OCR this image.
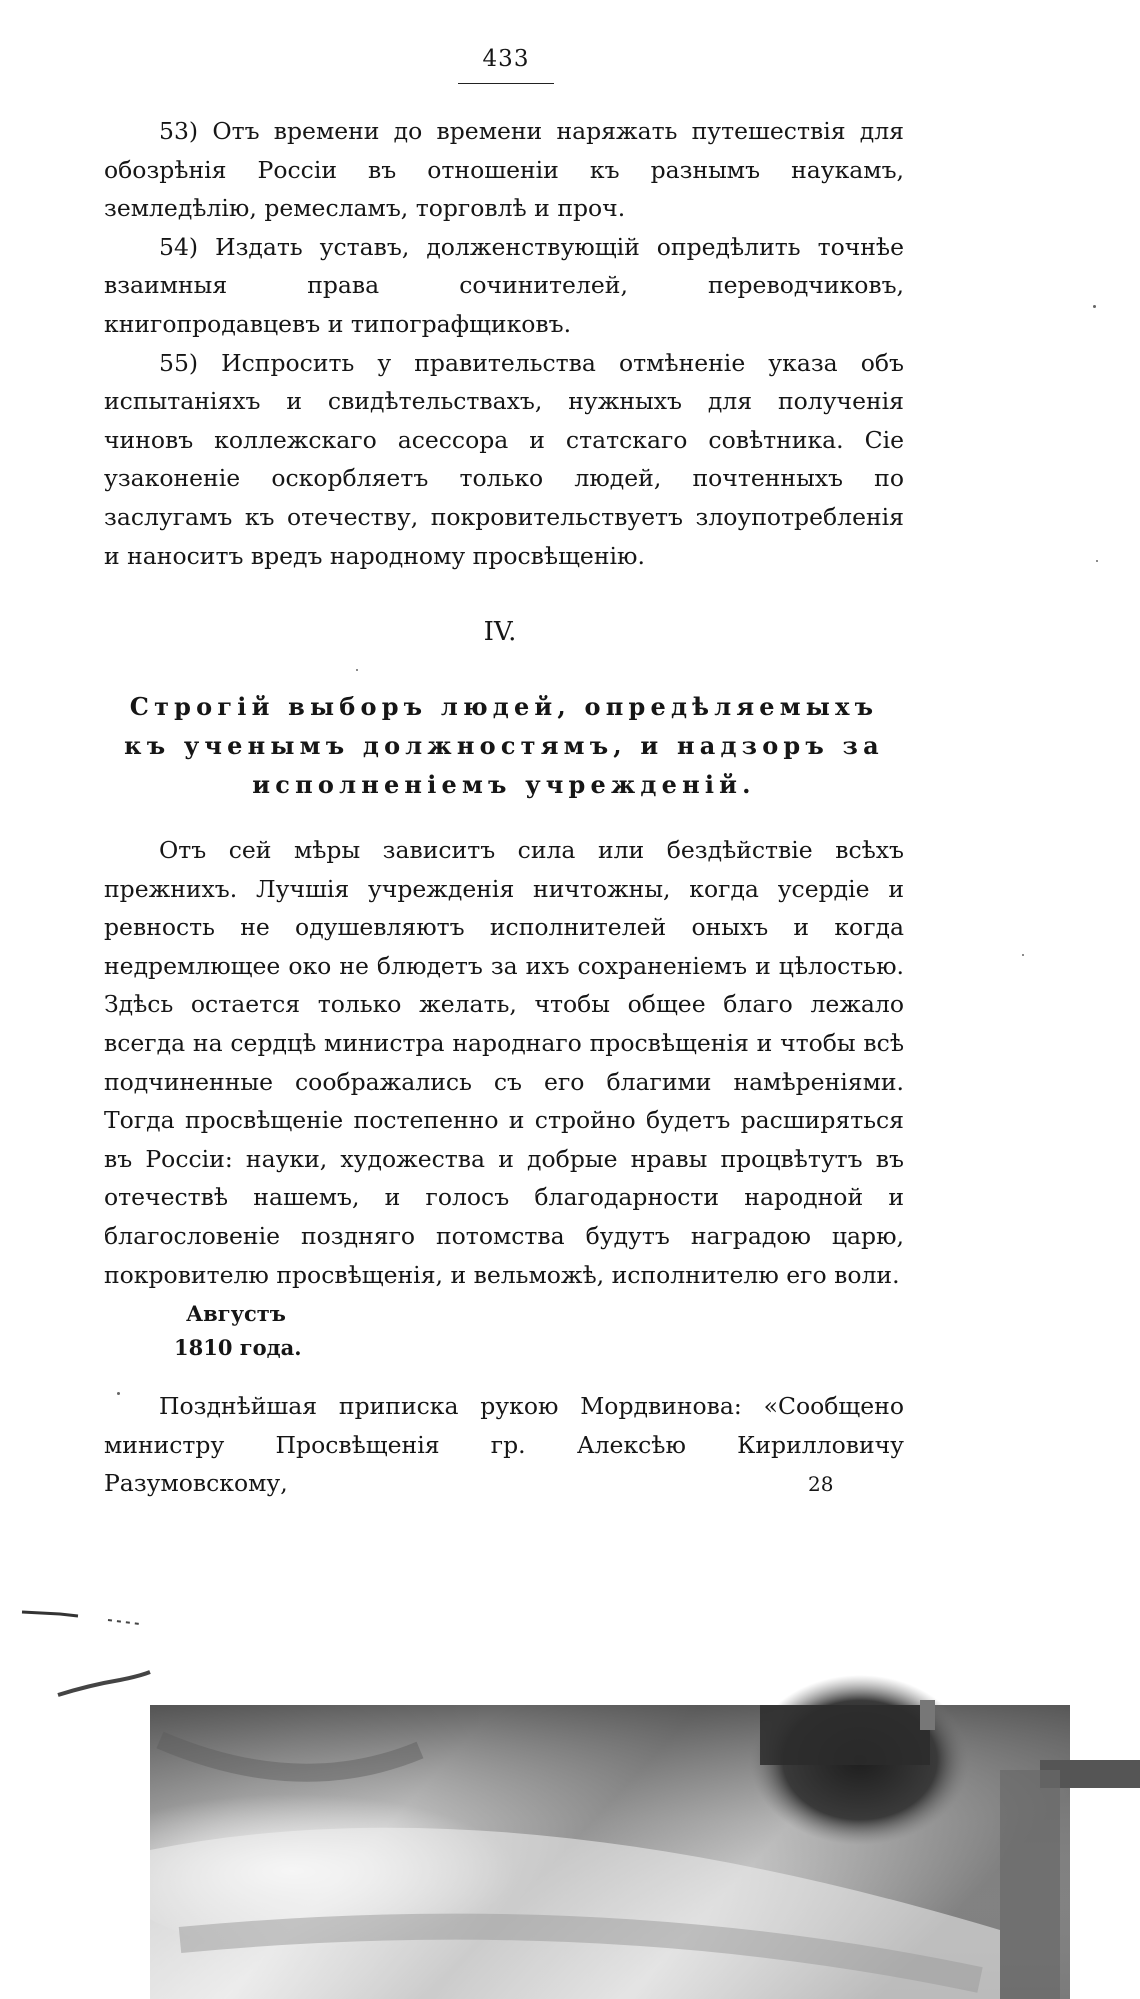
433

53) Отъ времени до времени наряжать путешествія для обозрѣнія Россіи въ отношеніи къ разнымъ наукамъ, земледѣлію, ремесламъ, торговлѣ и проч.

54) Издать уставъ, долженствующій опредѣлить точнѣе взаимныя права сочинителей, переводчиковъ, книгопродавцевъ и типографщиковъ.

55) Испросить у правительства отмѣненіе указа объ испытаніяхъ и свидѣтельствахъ, нужныхъ для полученія чиновъ коллежскаго асессора и статскаго совѣтника. Сіе узаконеніе оскорбляетъ только людей, почтенныхъ по заслугамъ къ отечеству, покровительствуетъ злоупотребленія и наноситъ вредъ народному просвѣщенію.

IV.
Строгій выборъ людей, опредѣляемыхъ къ ученымъ должностямъ, и надзоръ за исполненіемъ учрежденій.

Отъ сей мѣры зависитъ сила или бездѣйствіе всѣхъ прежнихъ. Лучшія учрежденія ничтожны, когда усердіе и ревность не одушевляютъ исполнителей оныхъ и когда недремлющее око не блюдетъ за ихъ сохраненіемъ и цѣлостью. Здѣсь остается только желать, чтобы общее благо лежало всегда на сердцѣ министра народнаго просвѣщенія и чтобы всѣ подчиненные соображались съ его благими намѣреніями. Тогда просвѣщеніе постепенно и стройно будетъ расширяться въ Россіи: науки, художества и добрые нравы процвѣтутъ въ отечествѣ нашемъ, и голосъ благодарности народной и благословеніе позднягo потомства будутъ наградою царю, покровителю просвѣщенія, и вельможѣ, исполнителю его воли.

Августъ
1810 года.

Позднѣйшая приписка рукою Мордвинова: «Сообщено министру Просвѣщенія гр. Алексѣю Кирилловичу Разумовскому,	28
